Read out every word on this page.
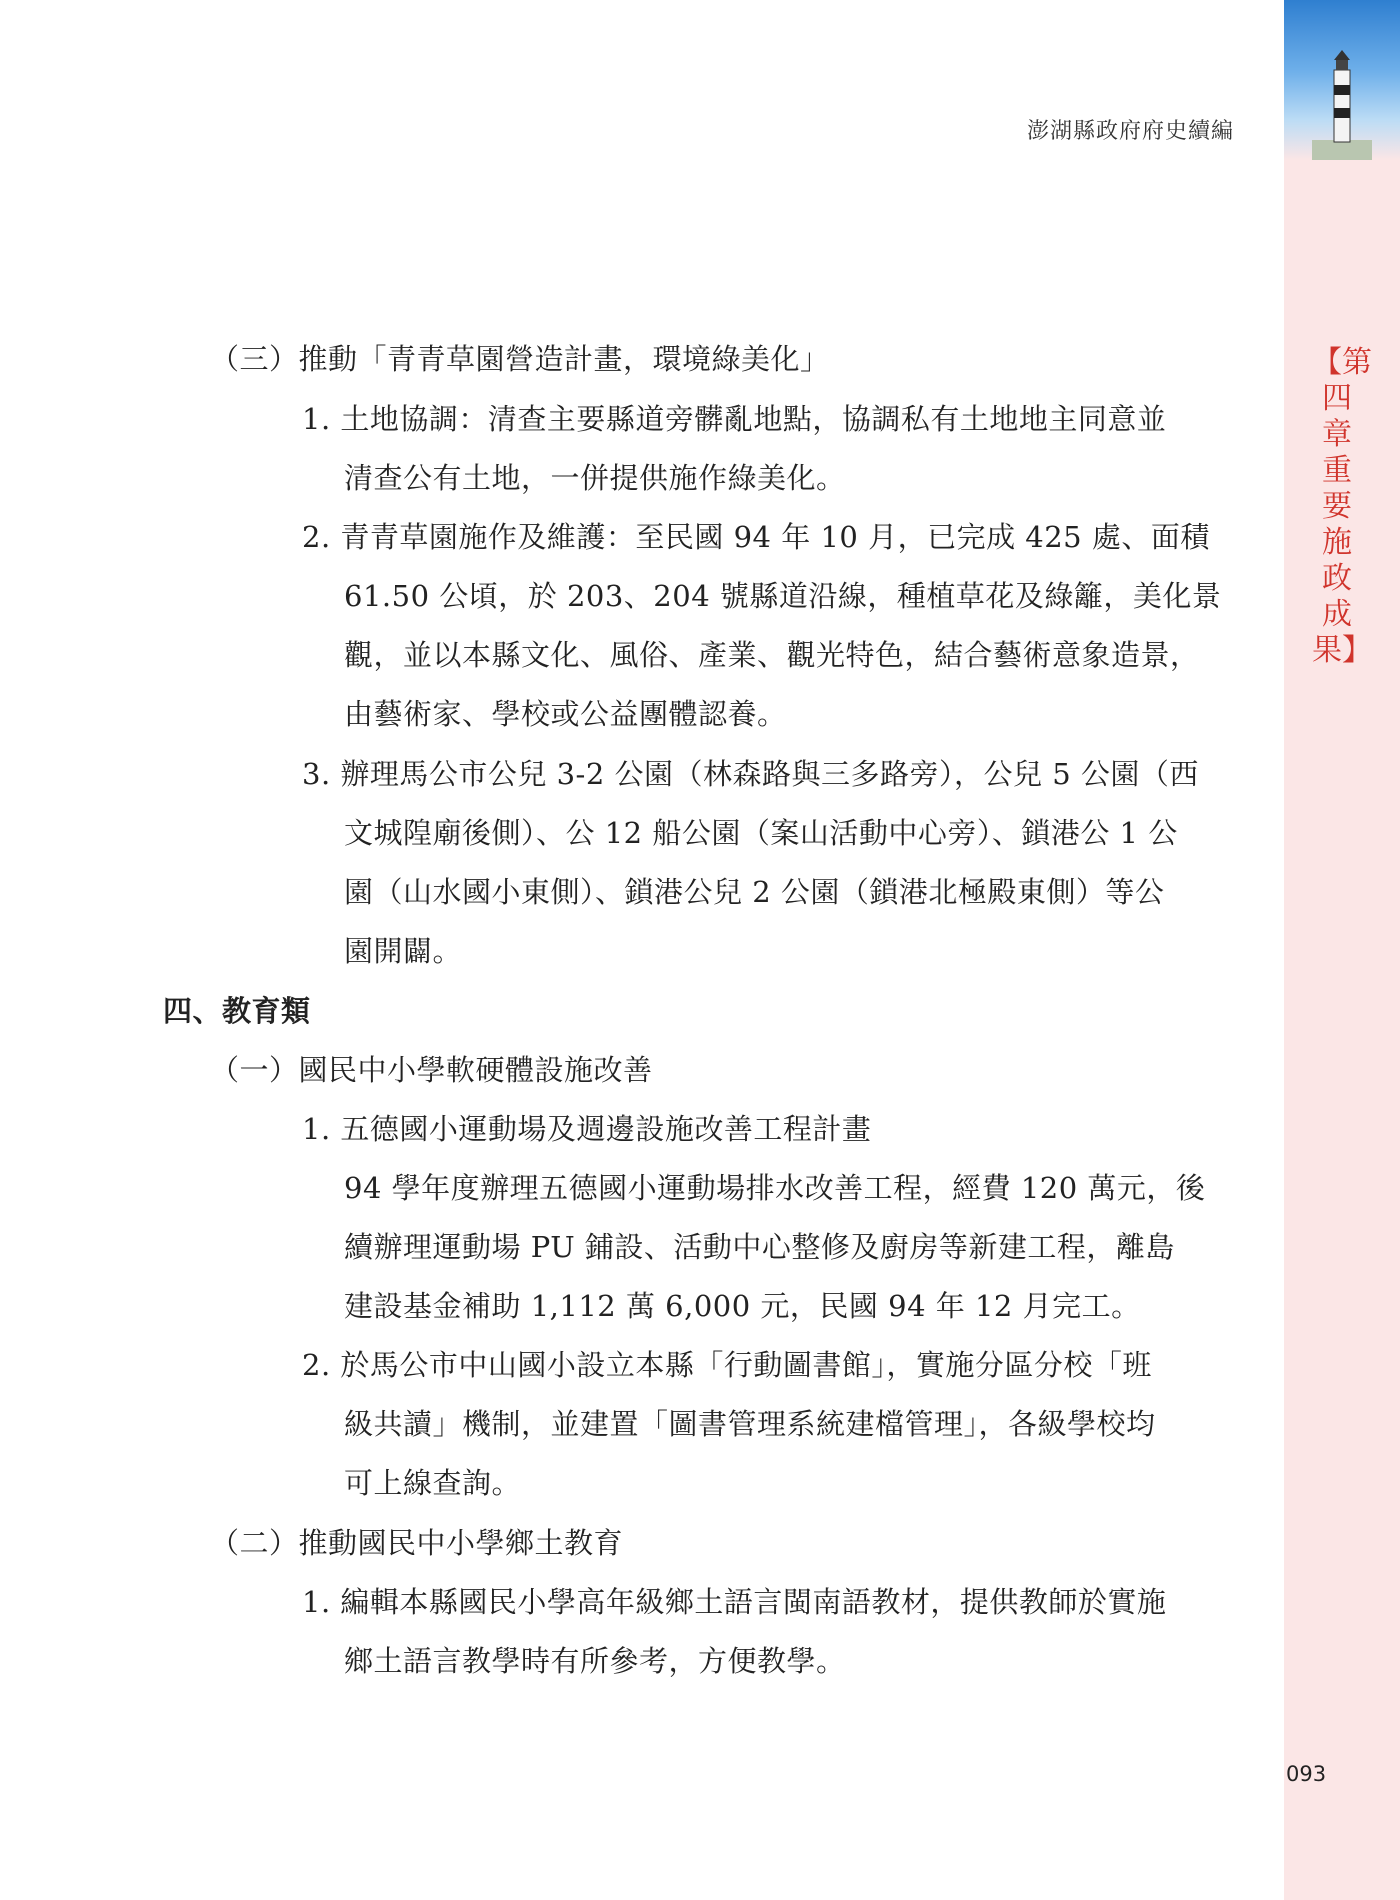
澎湖縣政府府史續編
【第四章 重要施政成果】
（三）推動「青青草園營造計畫，環境綠美化」
1. 土地協調：清查主要縣道旁髒亂地點，協調私有土地地主同意並
清查公有土地，一併提供施作綠美化。
2. 青青草園施作及維護：至民國 94 年 10 月，已完成 425 處、面積
61.50 公頃，於 203、204 號縣道沿線，種植草花及綠籬，美化景
觀，並以本縣文化、風俗、產業、觀光特色，結合藝術意象造景，
由藝術家、學校或公益團體認養。
3. 辦理馬公市公兒 3-2 公園（林森路與三多路旁），公兒 5 公園（西
文城隍廟後側）、公 12 船公園（案山活動中心旁）、鎖港公 1 公
園（山水國小東側）、鎖港公兒 2 公園（鎖港北極殿東側）等公
園開闢。
四、教育類
（一）國民中小學軟硬體設施改善
1. 五德國小運動場及週邊設施改善工程計畫
94 學年度辦理五德國小運動場排水改善工程，經費 120 萬元，後
續辦理運動場 PU 鋪設、活動中心整修及廚房等新建工程，離島
建設基金補助 1,112 萬 6,000 元，民國 94 年 12 月完工。
2. 於馬公市中山國小設立本縣「行動圖書館」，實施分區分校「班
級共讀」機制，並建置「圖書管理系統建檔管理」，各級學校均
可上線查詢。
（二）推動國民中小學鄉土教育
1. 編輯本縣國民小學高年級鄉土語言閩南語教材，提供教師於實施
鄉土語言教學時有所參考，方便教學。
093
